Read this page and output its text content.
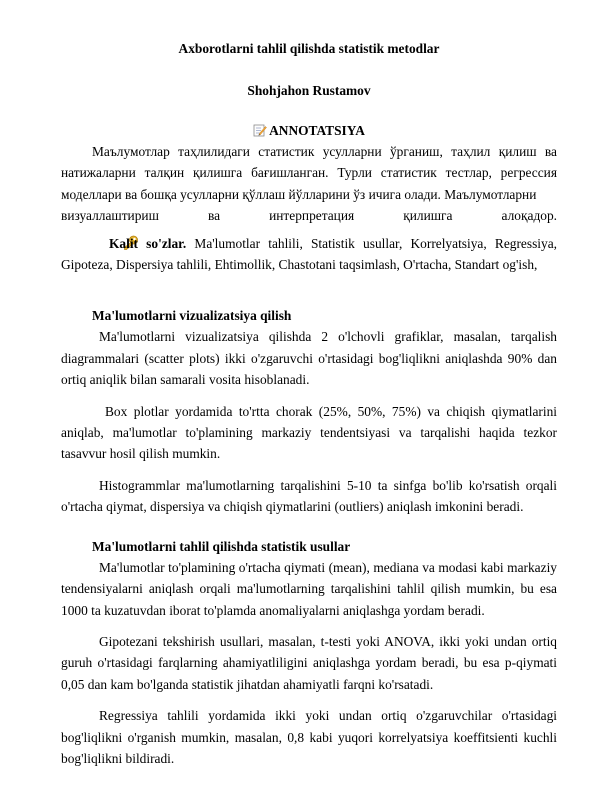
Axborotlarni tahlil qilishda statistik metodlar
Shohjahon Rustamov
ANNOTATSIYA

Маълумотлар таҳлилидаги статистик усулларни ўрганиш, таҳлил қилиш ва натижаларни талқин қилишга бағишланган. Турли статистик тестлар, регрессия моделлари ва бошқа усулларни қўллаш йўлларини ўз ичига олади. Маълумотларни

визуаллаштириш ва интерпретация қилишга алоқадор.

Kalit so'zlar. Ma'lumotlar tahlili, Statistik usullar, Korrelyatsiya, Regressiya, Gipoteza, Dispersiya tahlili, Ehtimollik, Chastotani taqsimlash, O'rtacha, Standart og'ish,

Ma'lumotlarni vizualizatsiya qilish

Ma'lumotlarni vizualizatsiya qilishda 2 o'lchovli grafiklar, masalan, tarqalish diagrammalari (scatter plots) ikki o'zgaruvchi o'rtasidagi bog'liqlikni aniqlashda 90% dan ortiq aniqlik bilan samarali vosita hisoblanadi.

Box plotlar yordamida to'rtta chorak (25%, 50%, 75%) va chiqish qiymatlarini aniqlab, ma'lumotlar to'plamining markaziy tendentsiyasi va tarqalishi haqida tezkor tasavvur hosil qilish mumkin.

Histogrammlar ma'lumotlarning tarqalishini 5-10 ta sinfga bo'lib ko'rsatish orqali o'rtacha qiymat, dispersiya va chiqish qiymatlarini (outliers) aniqlash imkonini beradi.

Ma'lumotlarni tahlil qilishda statistik usullar

Ma'lumotlar to'plamining o'rtacha qiymati (mean), mediana va modasi kabi markaziy tendensiyalarni aniqlash orqali ma'lumotlarning tarqalishini tahlil qilish mumkin, bu esa 1000 ta kuzatuvdan iborat to'plamda anomaliyalarni aniqlashga yordam beradi.

Gipotezani tekshirish usullari, masalan, t-testi yoki ANOVA, ikki yoki undan ortiq guruh o'rtasidagi farqlarning ahamiyatliligini aniqlashga yordam beradi, bu esa p-qiymati 0,05 dan kam bo'lganda statistik jihatdan ahamiyatli farqni ko'rsatadi.

Regressiya tahlili yordamida ikki yoki undan ortiq o'zgaruvchilar o'rtasidagi bog'liqlikni o'rganish mumkin, masalan, 0,8 kabi yuqori korrelyatsiya koeffitsienti kuchli bog'liqlikni bildiradi.
